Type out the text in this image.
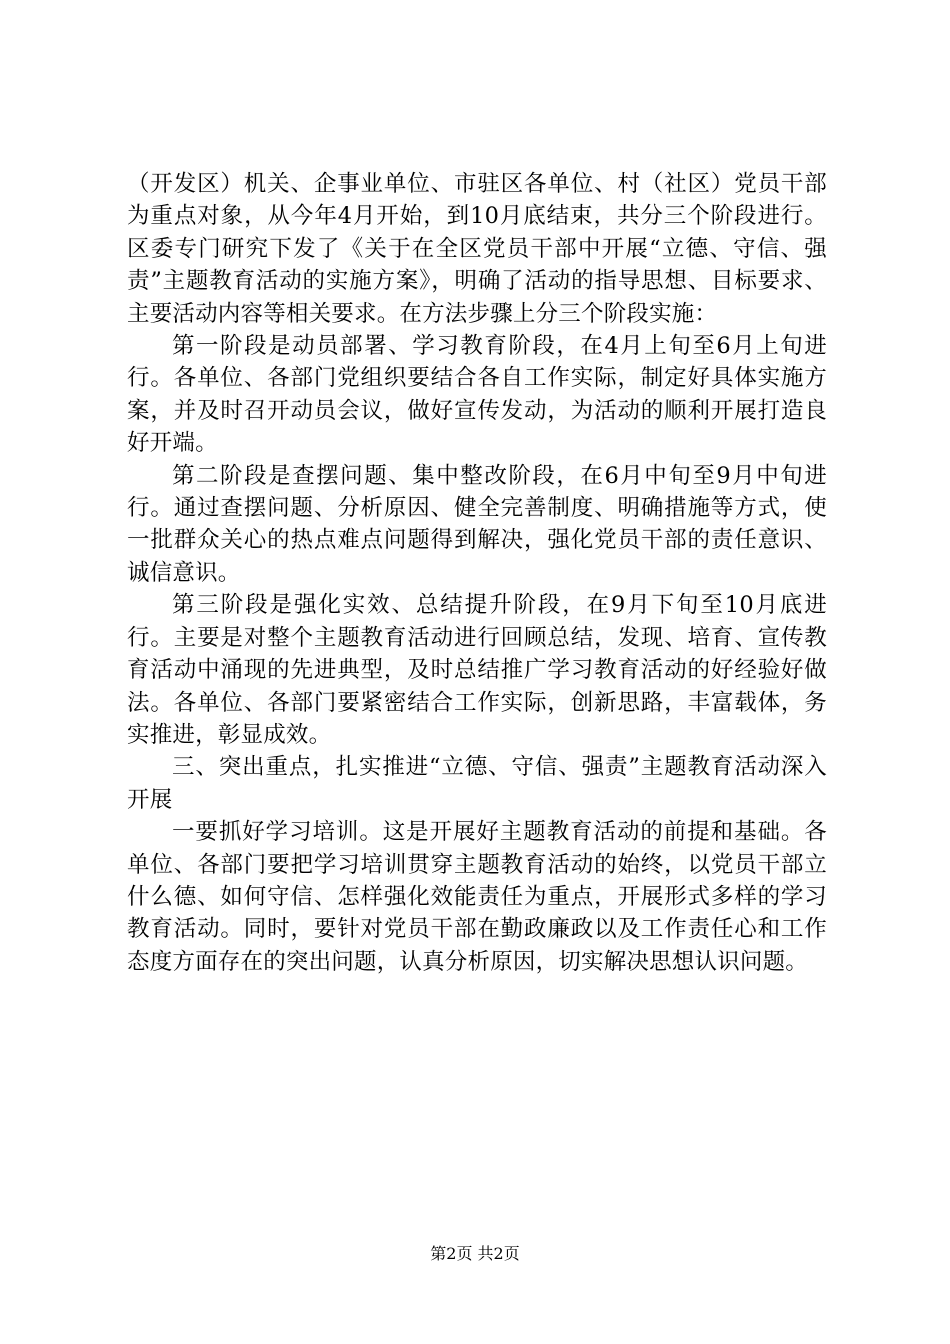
（开发区）机关、企事业单位、市驻区各单位、村（社区）党员干部为重点对象，从今年4月开始，到10月底结束，共分三个阶段进行。区委专门研究下发了《关于在全区党员干部中开展“立德、守信、强责”主题教育活动的实施方案》，明确了活动的指导思想、目标要求、主要活动内容等相关要求。在方法步骤上分三个阶段实施：

第一阶段是动员部署、学习教育阶段，在4月上旬至6月上旬进行。各单位、各部门党组织要结合各自工作实际，制定好具体实施方案，并及时召开动员会议，做好宣传发动，为活动的顺利开展打造良好开端。

第二阶段是查摆问题、集中整改阶段，在6月中旬至9月中旬进行。通过查摆问题、分析原因、健全完善制度、明确措施等方式，使一批群众关心的热点难点问题得到解决，强化党员干部的责任意识、诚信意识。

第三阶段是强化实效、总结提升阶段，在9月下旬至10月底进行。主要是对整个主题教育活动进行回顾总结，发现、培育、宣传教育活动中涌现的先进典型，及时总结推广学习教育活动的好经验好做法。各单位、各部门要紧密结合工作实际，创新思路，丰富载体，务实推进，彰显成效。

三、突出重点，扎实推进“立德、守信、强责”主题教育活动深入开展

一要抓好学习培训。这是开展好主题教育活动的前提和基础。各单位、各部门要把学习培训贯穿主题教育活动的始终，以党员干部立什么德、如何守信、怎样强化效能责任为重点，开展形式多样的学习教育活动。同时，要针对党员干部在勤政廉政以及工作责任心和工作态度方面存在的突出问题，认真分析原因，切实解决思想认识问题。

第2页 共2页
